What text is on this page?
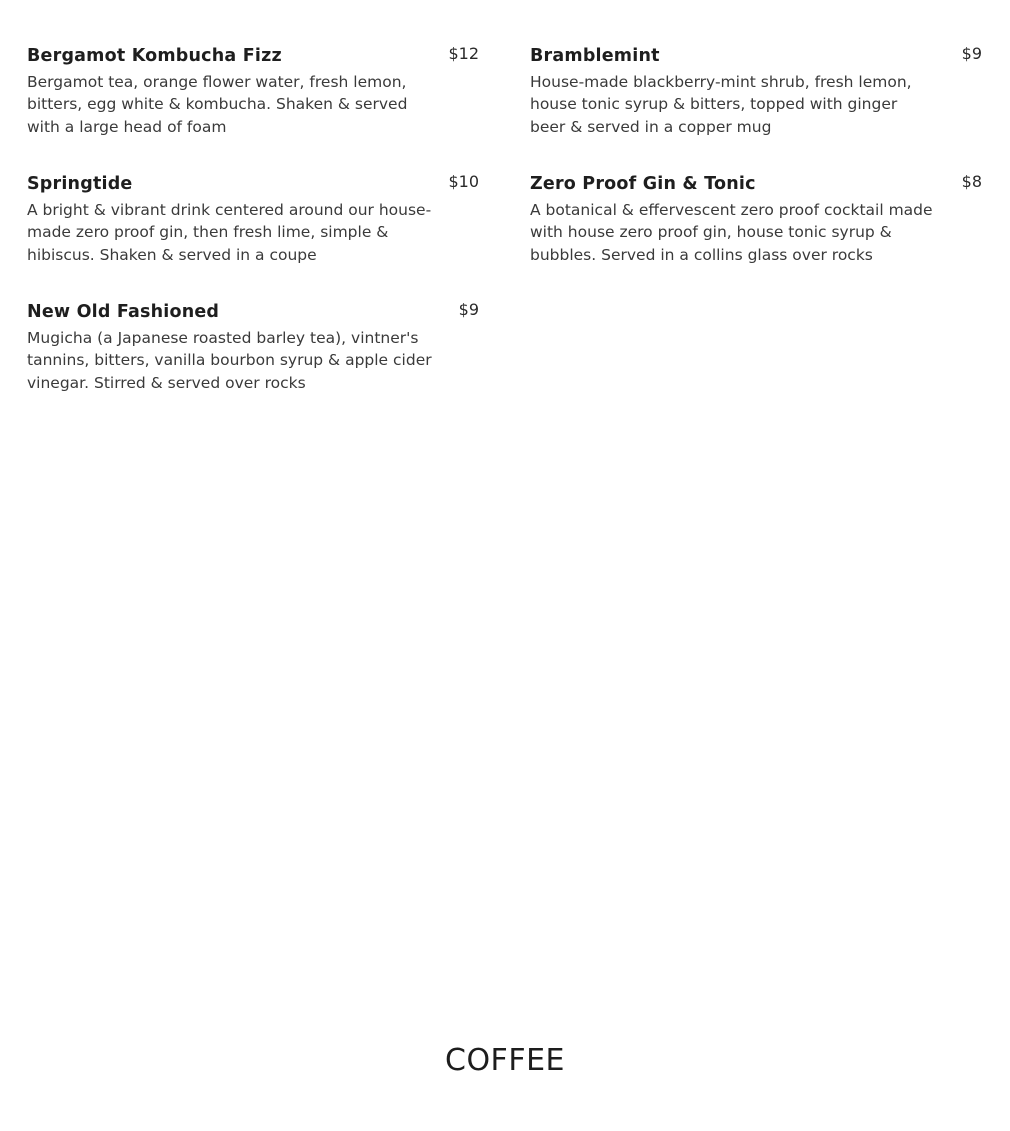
Bergamot Kombucha Fizz	$12
Bergamot tea, orange flower water, fresh lemon, bitters, egg white & kombucha. Shaken & served with a large head of foam
Bramblemint	$9
House-made blackberry-mint shrub, fresh lemon, house tonic syrup & bitters, topped with ginger beer & served in a copper mug
Springtide	$10
A bright & vibrant drink centered around our house-made zero proof gin, then fresh lime, simple & hibiscus. Shaken & served in a coupe
Zero Proof Gin & Tonic	$8
A botanical & effervescent zero proof cocktail made with house zero proof gin, house tonic syrup & bubbles. Served in a collins glass over rocks
New Old Fashioned	$9
Mugicha (a Japanese roasted barley tea), vintner's tannins, bitters, vanilla bourbon syrup & apple cider vinegar. Stirred & served over rocks
COFFEE
